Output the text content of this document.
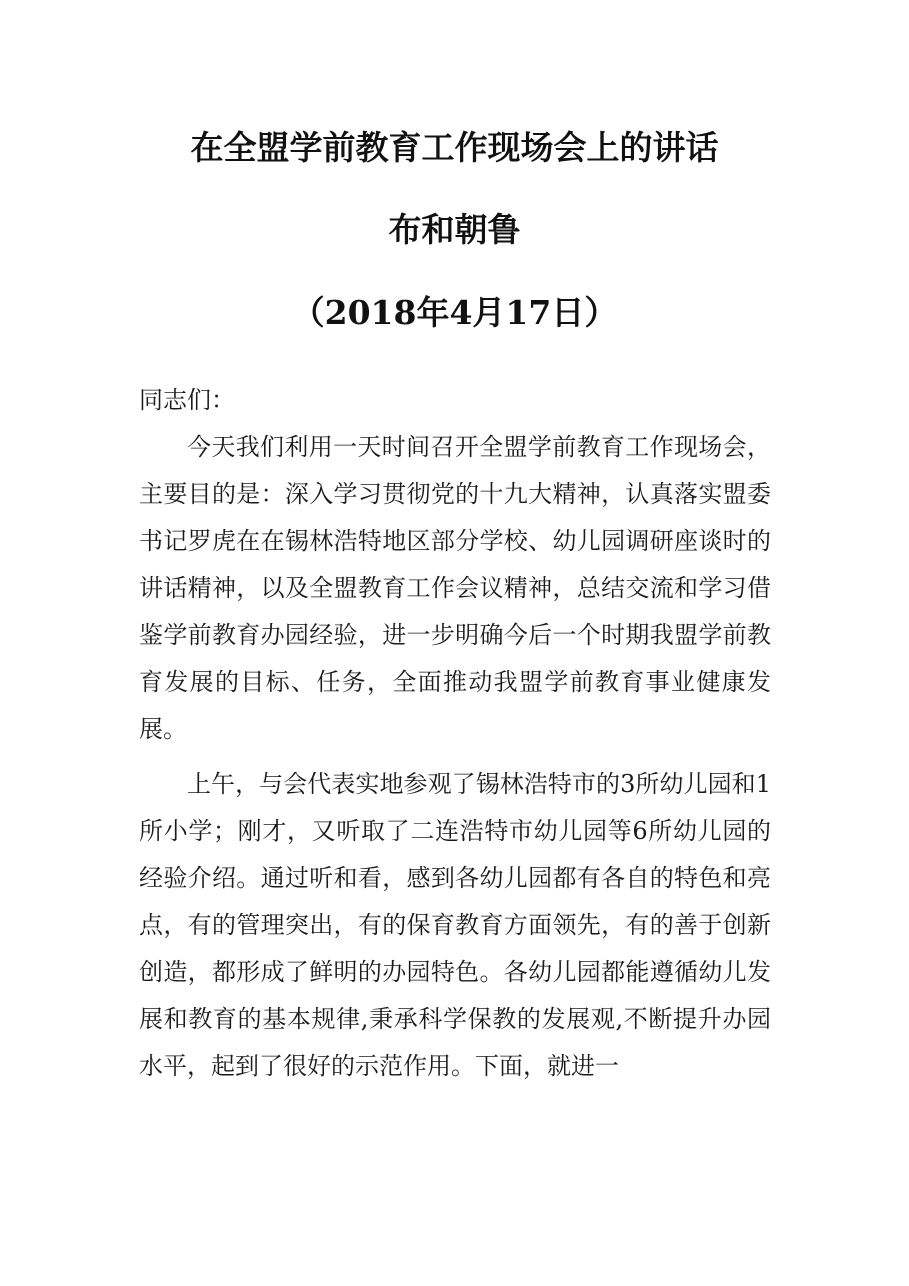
在全盟学前教育工作现场会上的讲话
布和朝鲁
（2018年4月17日）
同志们：
今天我们利用一天时间召开全盟学前教育工作现场会，主要目的是：深入学习贯彻党的十九大精神，认真落实盟委书记罗虎在在锡林浩特地区部分学校、幼儿园调研座谈时的讲话精神，以及全盟教育工作会议精神，总结交流和学习借鉴学前教育办园经验，进一步明确今后一个时期我盟学前教育发展的目标、任务，全面推动我盟学前教育事业健康发展。
上午，与会代表实地参观了锡林浩特市的3所幼儿园和1所小学；刚才，又听取了二连浩特市幼儿园等6所幼儿园的经验介绍。通过听和看，感到各幼儿园都有各自的特色和亮点，有的管理突出，有的保育教育方面领先，有的善于创新创造，都形成了鲜明的办园特色。各幼儿园都能遵循幼儿发展和教育的基本规律,秉承科学保教的发展观,不断提升办园水平，起到了很好的示范作用。下面，就进一
